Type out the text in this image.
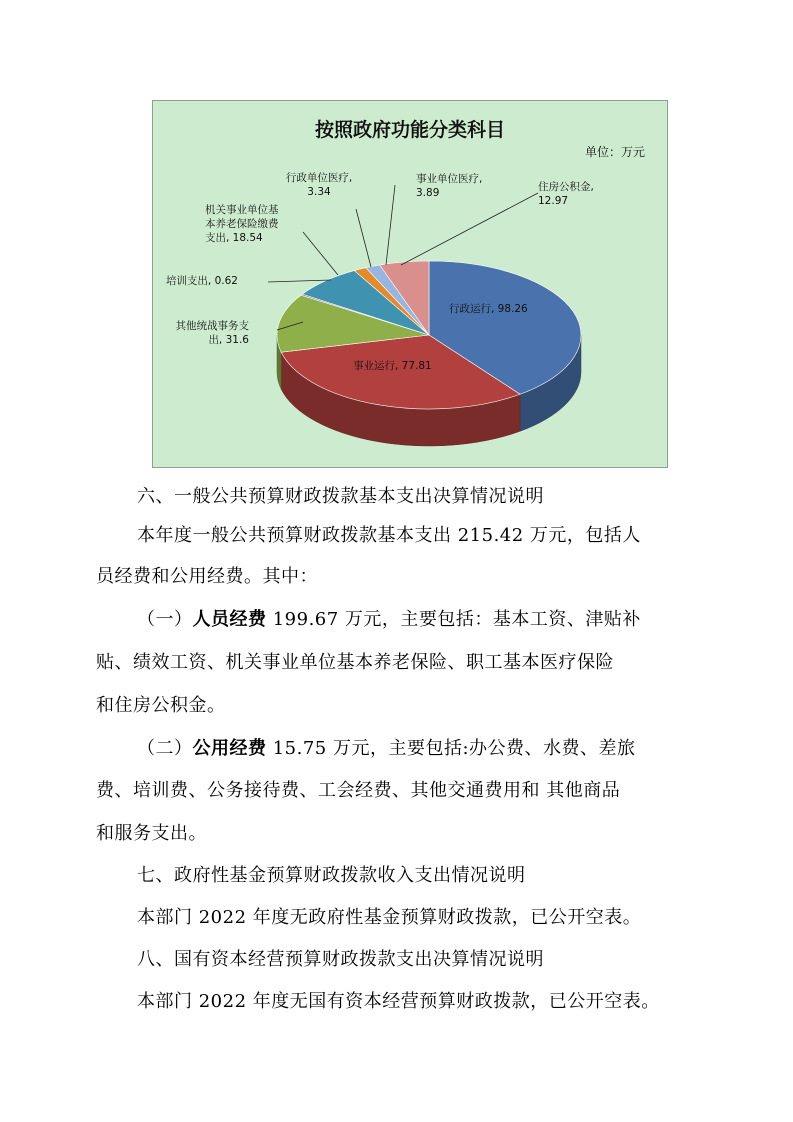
按照政府功能分类科目
单位：万元
行政运行, 98.26
事业运行, 77.81
其他统战事务支出, 31.6
培训支出, 0.62
机关事业单位基本养老保险缴费支出, 18.54
行政单位医疗, 3.34
事业单位医疗, 3.89	住房公积金, 12.97
六、一般公共预算财政拨款基本支出决算情况说明
本年度一般公共预算财政拨款基本支出 215.42 万元，包括人
员经费和公用经费。其中：
（一）人员经费 199.67 万元，主要包括：基本工资、津贴补
贴、绩效工资、机关事业单位基本养老保险、职工基本医疗保险
和住房公积金。
（二）公用经费 15.75 万元，主要包括:办公费、水费、差旅
费、培训费、公务接待费、工会经费、其他交通费用和 其他商品
和服务支出。
七、政府性基金预算财政拨款收入支出情况说明
本部门 2022 年度无政府性基金预算财政拨款，已公开空表。
八、国有资本经营预算财政拨款支出决算情况说明
本部门 2022 年度无国有资本经营预算财政拨款，已公开空表。
